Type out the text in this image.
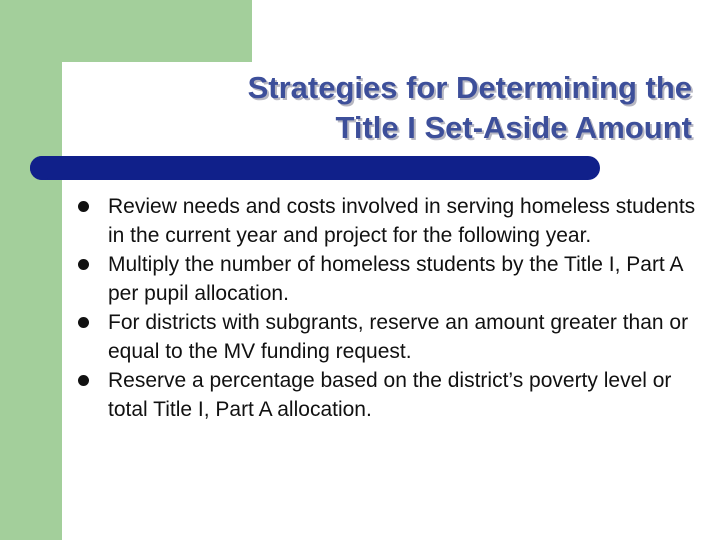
Strategies for Determining the
Title I Set-Aside Amount
Review needs and costs involved in serving homeless students in the current year and project for the following year.
Multiply the number of homeless students by the Title I, Part A per pupil allocation.
For districts with subgrants, reserve an amount greater than or equal to the MV funding request.
Reserve a percentage based on the district’s poverty level or total Title I, Part A allocation.
